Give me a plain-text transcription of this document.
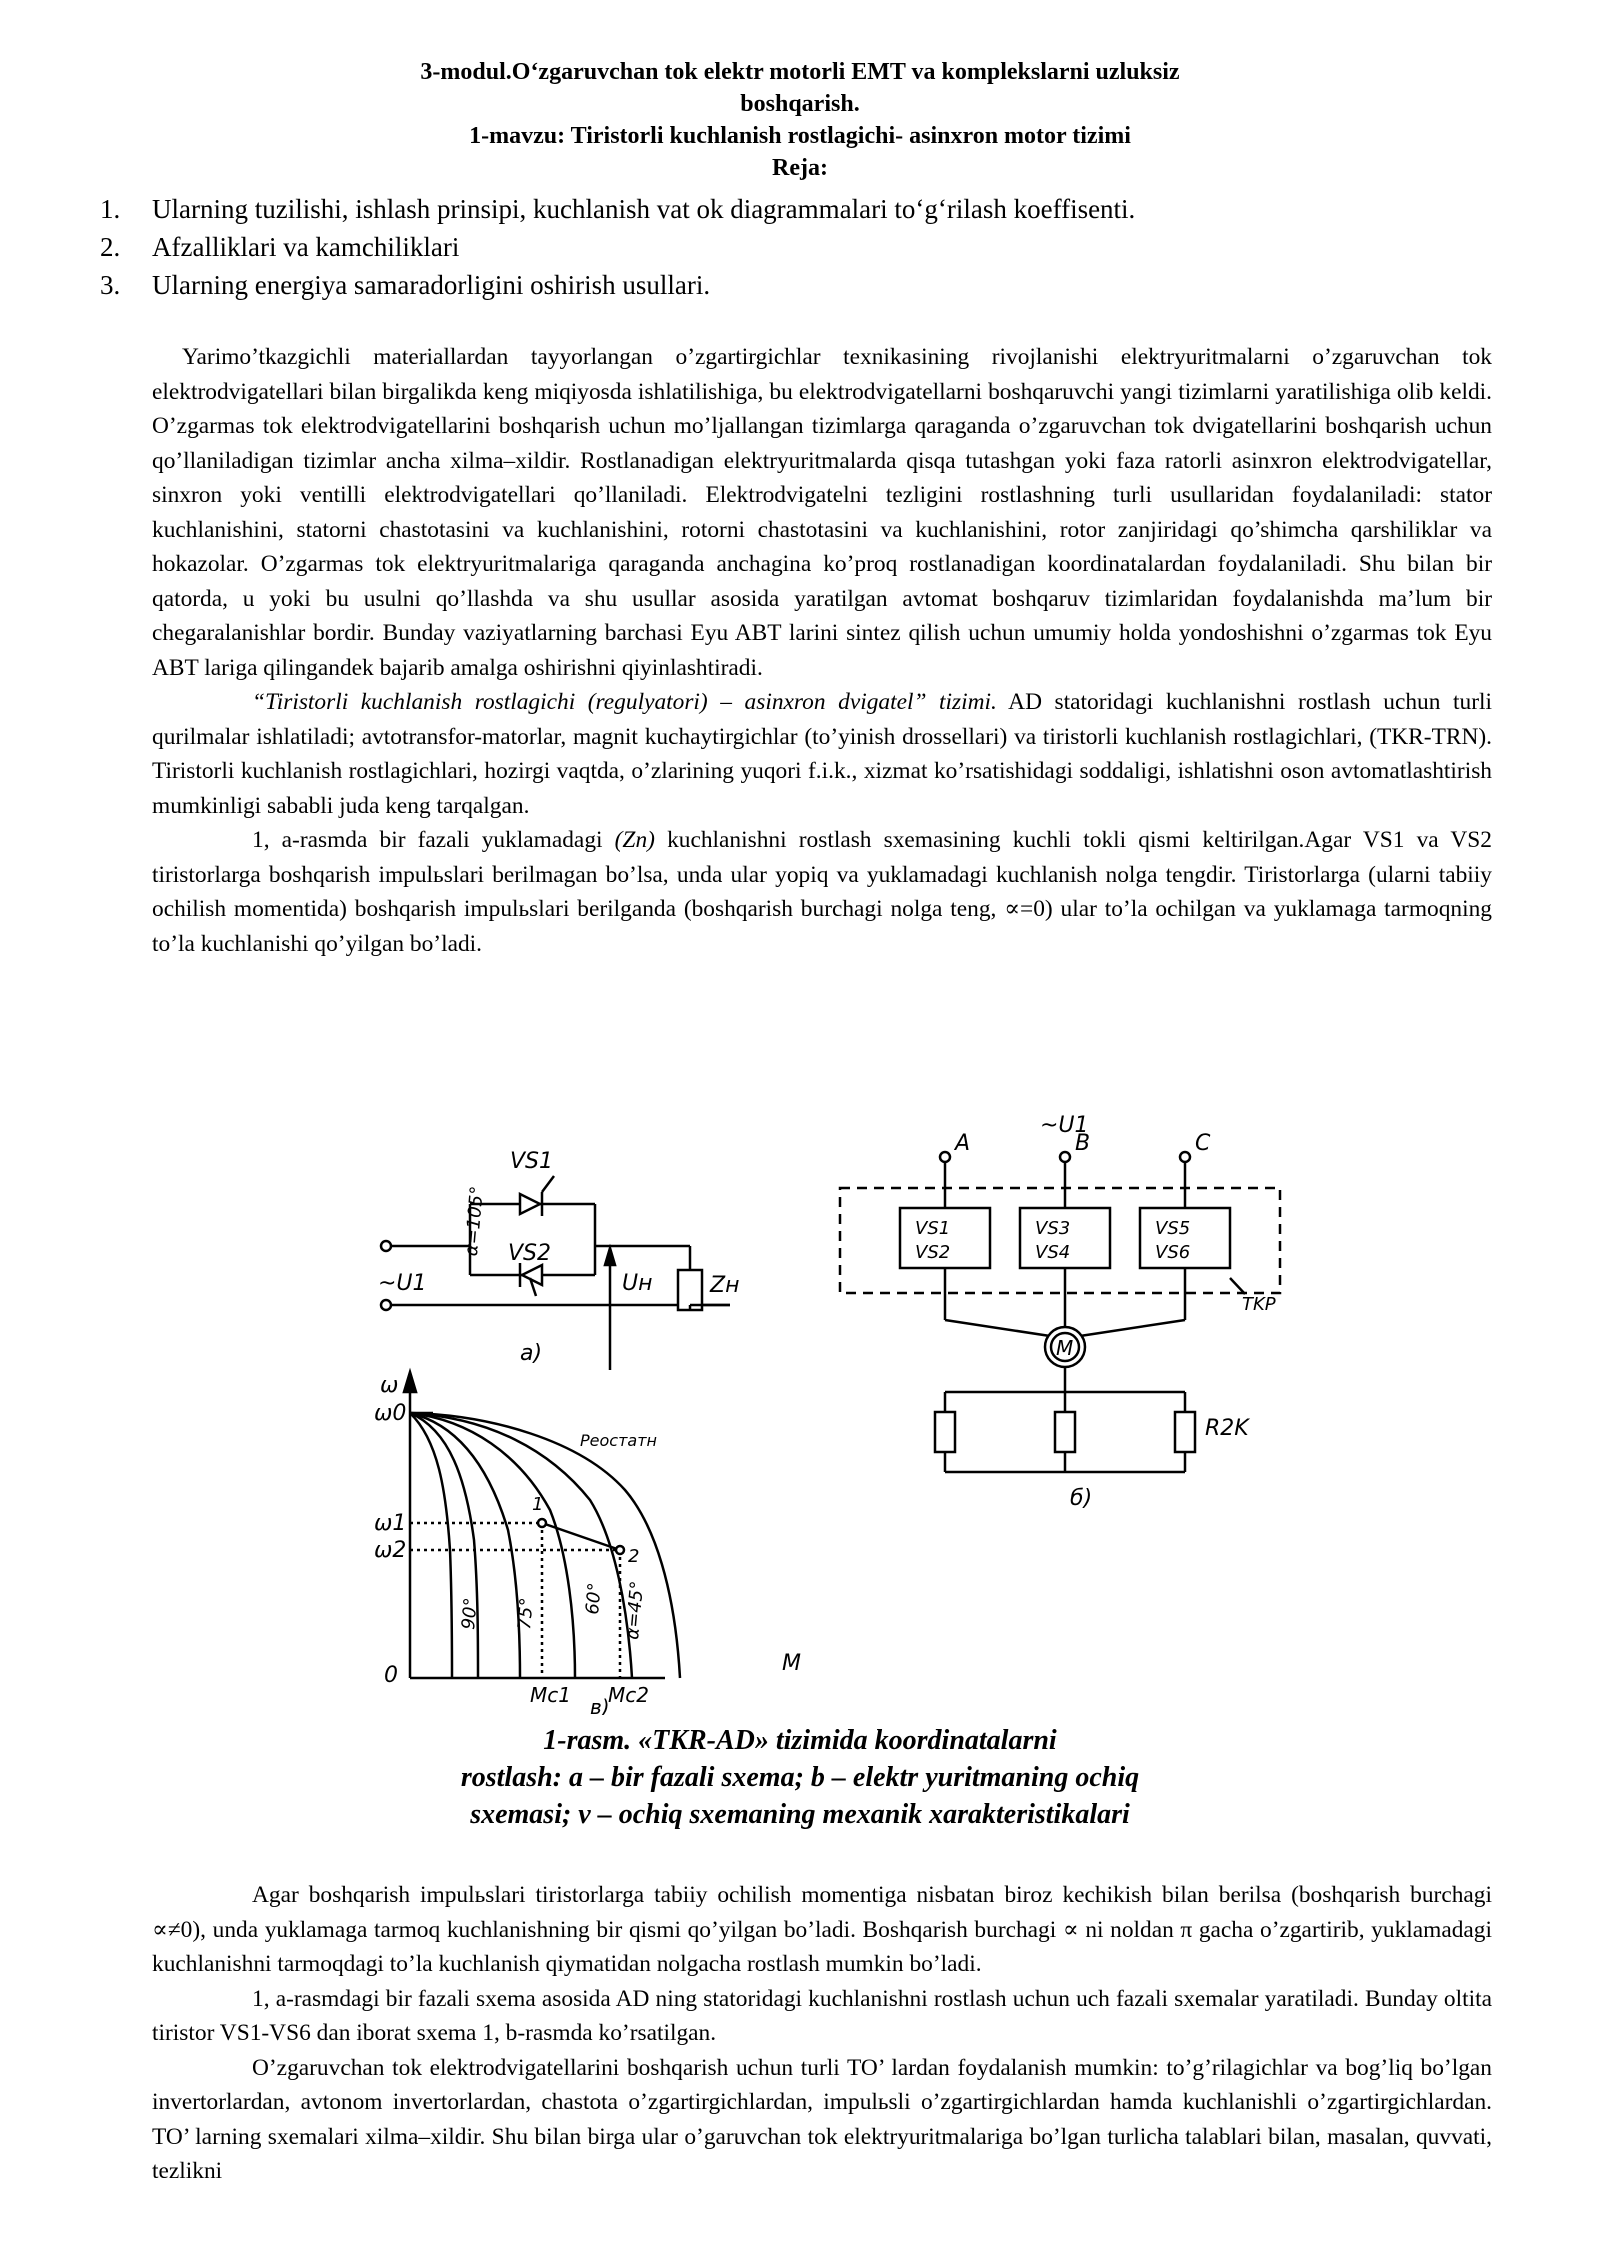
3-modul.O‘zgaruvchan tok elektr motorli EMT va komplekslarni uzluksiz
boshqarish.
1-mavzu: Tiristorli kuchlanish rostlagichi- asinxron motor tizimi
Reja:
1. Ularning tuzilishi, ishlash prinsipi, kuchlanish vat ok diagrammalari to‘g‘rilash koeffisenti.
2. Afzalliklari va kamchiliklari
3. Ularning energiya samaradorligini oshirish usullari.

Yarimo’tkazgichli materiallardan tayyorlangan o’zgartirgichlar texnikasining rivojlanishi elektryuritmalarni o’zgaruvchan tok elektrodvigatellari bilan birgalikda keng miqiyosda ishlatilishiga, bu elektrodvigatellarni boshqaruvchi yangi tizimlarni yaratilishiga olib keldi. O’zgarmas tok elektrodvigatellarini boshqarish uchun mo’ljallangan tizimlarga qaraganda o’zgaruvchan tok dvigatellarini boshqarish uchun qo’llaniladigan tizimlar ancha xilma–xildir. Rostlanadigan elektryuritmalarda qisqa tutashgan yoki faza ratorli asinxron elektrodvigatellar, sinxron yoki ventilli elektrodvigatellari qo’llaniladi. Elektrodvigatelni tezligini rostlashning turli usullaridan foydalaniladi: stator kuchlanishini, statorni chastotasini va kuchlanishini, rotorni chastotasini va kuchlanishini, rotor zanjiridagi qo’shimcha qarshiliklar va hokazolar. O’zgarmas tok elektryuritmalariga qaraganda anchagina ko’proq rostlanadigan koordinatalardan foydalaniladi. Shu bilan bir qatorda, u yoki bu usulni qo’llashda va shu usullar asosida yaratilgan avtomat boshqaruv tizimlaridan foydalanishda ma’lum bir chegaralanishlar bordir. Bunday vaziyatlarning barchasi Eyu ABT larini sintez qilish uchun umumiy holda yondoshishni o’zgarmas tok Eyu ABT lariga qilingandek bajarib amalga oshirishni qiyinlashtiradi.

“Tiristorli kuchlanish rostlagichi (regulyatori) – asinxron dvigatel” tizimi. AD statoridagi kuchlanishni rostlash uchun turli qurilmalar ishlatiladi; avtotransfor-matorlar, magnit kuchaytirgichlar (to’yinish drossellari) va tiristorli kuchlanish rostlagichlari, (TKR-TRN). Tiristorli kuchlanish rostlagichlari, hozirgi vaqtda, o’zlarining yuqori f.i.k., xizmat ko’rsatishidagi soddaligi, ishlatishni oson avtomatlashtirish mumkinligi sababli juda keng tarqalgan.

1, a-rasmda bir fazali yuklamadagi (Zп) kuchlanishni rostlash sxemasining kuchli tokli qismi keltirilgan.Agar VS1 va VS2 tiristorlarga boshqarish impulьslari berilmagan bo’lsa, unda ular yopiq va yuklamadagi kuchlanish nolga tengdir. Tiristorlarga (ularni tabiiy ochilish momentida) boshqarish impulьslari berilganda (boshqarish burchagi nolga teng, ∝=0) ular to’la ochilgan va yuklamaga tarmoqning to’la kuchlanishi qo’yilgan bo’ladi.

VS1
VS2
~U1	Uн	Zн
a)
~U1
A	B	C
VS1
VS2
VS3
VS4
VS5
VS6
TKP
M
R2K
б)
ω
ω0
ω1
ω2
0
Pеостатн
1
2
α=105°
90° 75° 60° α=45°
M
Mc1 Mc2
в)
1-rasm. «TKR-AD» tizimida koordinatalarni
rostlash: a – bir fazali sxema; b – elektr yuritmaning ochiq
sxemasi; v – ochiq sxemaning mexanik xarakteristikalari

Agar boshqarish impulьslari tiristorlarga tabiiy ochilish momentiga nisbatan biroz kechikish bilan berilsa (boshqarish burchagi ∝≠0), unda yuklamaga tarmoq kuchlanishning bir qismi qo’yilgan bo’ladi. Boshqarish burchagi ∝ ni noldan π gacha o’zgartirib, yuklamadagi kuchlanishni tarmoqdagi to’la kuchlanish qiymatidan nolgacha rostlash mumkin bo’ladi.

1, a-rasmdagi bir fazali sxema asosida AD ning statoridagi kuchlanishni rostlash uchun uch fazali sxemalar yaratiladi. Bunday oltita tiristor VS1-VS6 dan iborat sxema 1, b-rasmda ko’rsatilgan.

O’zgaruvchan tok elektrodvigatellarini boshqarish uchun turli TO’ lardan foydalanish mumkin: to’g’rilagichlar va bog’liq bo’lgan invertorlardan, avtonom invertorlardan, chastota o’zgartirgichlardan, impulьsli o’zgartirgichlardan hamda kuchlanishli o’zgartirgichlardan. TO’ larning sxemalari xilma–xildir. Shu bilan birga ular o’garuvchan tok elektryuritmalariga bo’lgan turlicha talablari bilan, masalan, quvvati, tezlikni
